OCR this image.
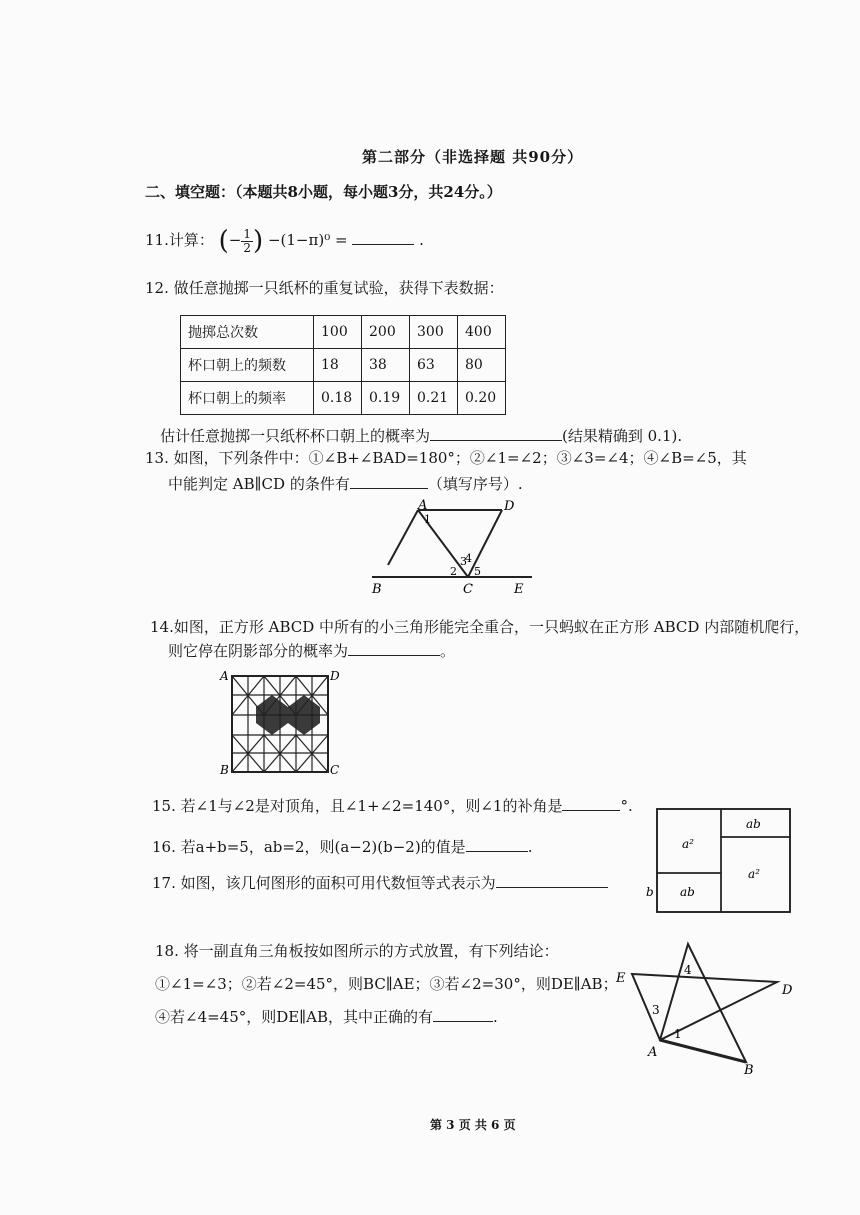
第二部分（非选择题 共90分）
二、填空题：（本题共8小题，每小题3分，共24分。）
11.计算： (− $\frac{1}{2}$ ) −(1−π)⁰ =	.
12. 做任意抛掷一只纸杯的重复试验，获得下表数据：
抛掷总次数	100	200	300	400
杯口朝上的频数	18	38	63	80
杯口朝上的频率	0.18	0.19	0.21	0.20
估计任意抛掷一只纸杯杯口朝上的概率为	(结果精确到 0.1).
13. 如图，下列条件中：①∠B+∠BAD=180°；②∠1=∠2；③∠3=∠4；④∠B=∠5，其
中能判定 AB∥CD 的条件有	（填写序号）.
A	D
B	C	E
1
2
3
4
5
14.如图，正方形 ABCD 中所有的小三角形能完全重合，一只蚂蚁在正方形 ABCD 内部随机爬行，
则它停在阴影部分的概率为	。
A	D
B	C
15. 若∠1与∠2是对顶角，且∠1+∠2=140°，则∠1的补角是	°.
16. 若a+b=5，ab=2，则(a−2)(b−2)的值是	.
17. 如图，该几何图形的面积可用代数恒等式表示为
ab
a²
a²
ab
b
18. 将一副直角三角板按如图所示的方式放置，有下列结论：
①∠1=∠3；②若∠2=45°，则BC∥AE；③若∠2=30°，则DE∥AB；
④若∠4=45°，则DE∥AB，其中正确的有	.
E
D
A
B
1
3
4
第 3 页 共 6 页
